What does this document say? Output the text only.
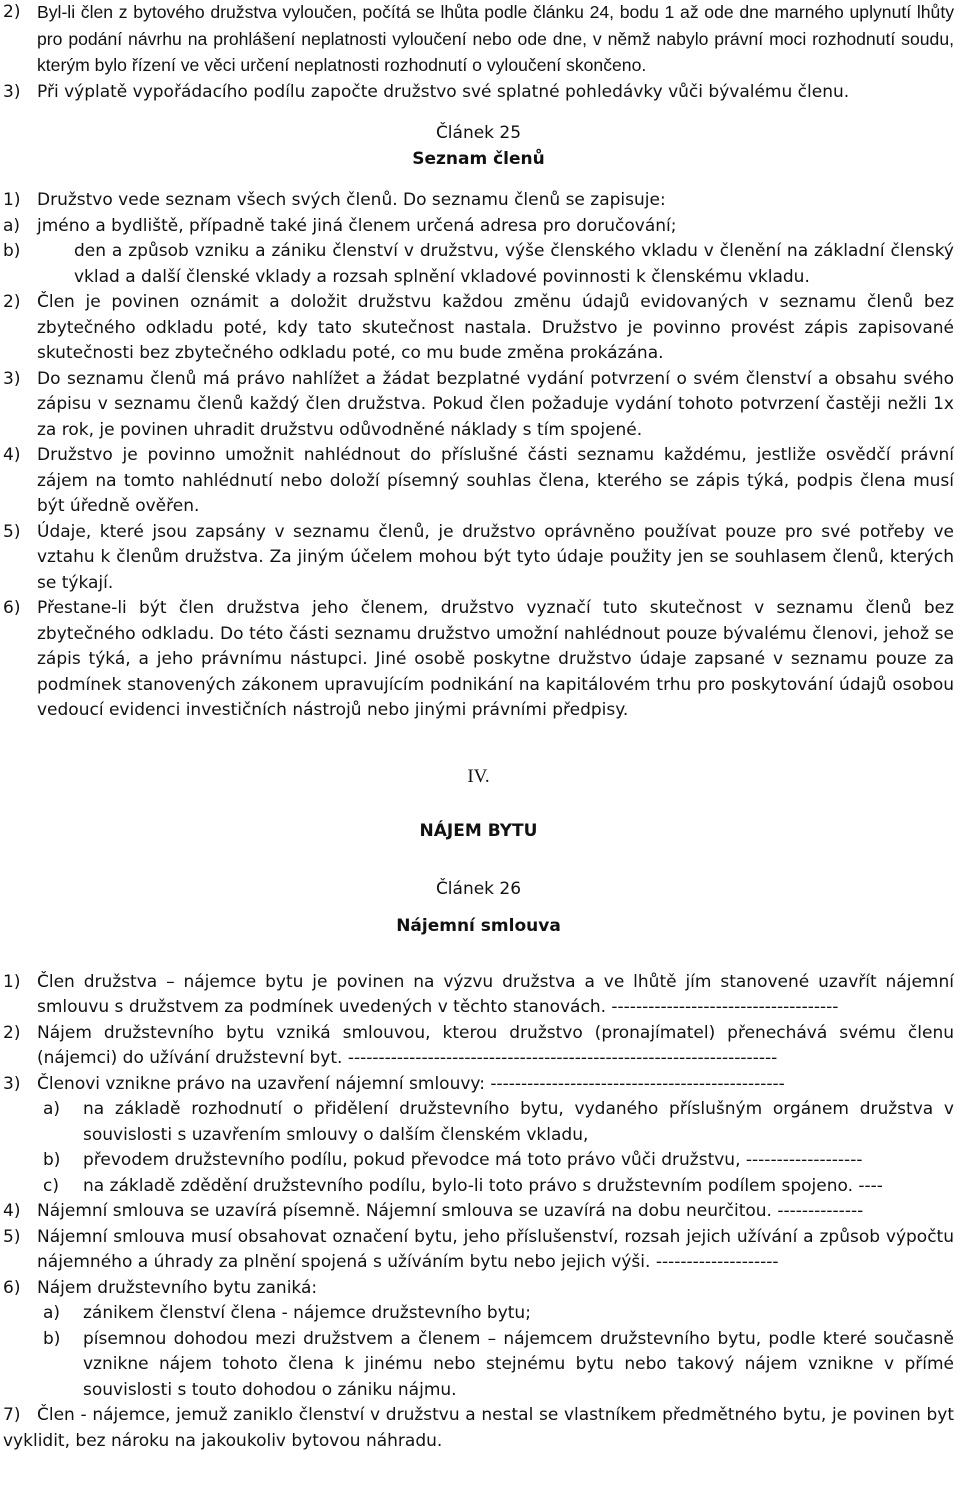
2) Byl-li člen z bytového družstva vyloučen, počítá se lhůta podle článku 24, bodu 1 až ode dne marného uplynutí lhůty pro podání návrhu na prohlášení neplatnosti vyloučení nebo ode dne, v němž nabylo právní moci rozhodnutí soudu, kterým bylo řízení ve věci určení neplatnosti rozhodnutí o vyloučení skončeno.
3) Při výplatě vypořádacího podílu započte družstvo své splatné pohledávky vůči bývalému členu.
Článek 25
Seznam členů
1) Družstvo vede seznam všech svých členů. Do seznamu členů se zapisuje:
a) jméno a bydliště, případně také jiná členem určená adresa pro doručování;
b)	den a způsob vzniku a zániku členství v družstvu, výše členského vkladu v členění na základní členský vklad a další členské vklady a rozsah splnění vkladové povinnosti k členskému vkladu.
2) Člen je povinen oznámit a doložit družstvu každou změnu údajů evidovaných v seznamu členů bez zbytečného odkladu poté, kdy tato skutečnost nastala. Družstvo je povinno provést zápis zapisované skutečnosti bez zbytečného odkladu poté, co mu bude změna prokázána.
3) Do seznamu členů má právo nahlížet a žádat bezplatné vydání potvrzení o svém členství a obsahu svého zápisu v seznamu členů každý člen družstva. Pokud člen požaduje vydání tohoto potvrzení častěji nežli 1x za rok, je povinen uhradit družstvu odůvodněné náklady s tím spojené.
4) Družstvo je povinno umožnit nahlédnout do příslušné části seznamu každému, jestliže osvědčí právní zájem na tomto nahlédnutí nebo doloží písemný souhlas člena, kterého se zápis týká, podpis člena musí být úředně ověřen.
5) Údaje, které jsou zapsány v seznamu členů, je družstvo oprávněno používat pouze pro své potřeby ve vztahu k členům družstva. Za jiným účelem mohou být tyto údaje použity jen se souhlasem členů, kterých se týkají.
6) Přestane-li být člen družstva jeho členem, družstvo vyznačí tuto skutečnost v seznamu členů bez zbytečného odkladu. Do této části seznamu družstvo umožní nahlédnout pouze bývalému členovi, jehož se zápis týká, a jeho právnímu nástupci. Jiné osobě poskytne družstvo údaje zapsané v seznamu pouze za podmínek stanovených zákonem upravujícím podnikání na kapitálovém trhu pro poskytování údajů osobou vedoucí evidenci investičních nástrojů nebo jinými právními předpisy.
IV.
NÁJEM BYTU
Článek 26
Nájemní smlouva
1) Člen družstva – nájemce bytu je povinen na výzvu družstva a ve lhůtě jím stanovené uzavřít nájemní smlouvu s družstvem za podmínek uvedených v těchto stanovách. -------------------------------------
2) Nájem družstevního bytu vzniká smlouvou, kterou družstvo (pronajímatel) přenechává svému členu (nájemci) do užívání družstevní byt. ----------------------------------------------------------------------
3) Členovi vznikne právo na uzavření nájemní smlouvy: ------------------------------------------------
a) na základě rozhodnutí o přidělení družstevního bytu, vydaného příslušným orgánem družstva v souvislosti s uzavřením smlouvy o dalším členském vkladu,
b) převodem družstevního podílu, pokud převodce má toto právo vůči družstvu, -------------------
c) na základě zdědění družstevního podílu, bylo-li toto právo s družstevním podílem spojeno. ----
4) Nájemní smlouva se uzavírá písemně. Nájemní smlouva se uzavírá na dobu neurčitou. --------------
5) Nájemní smlouva musí obsahovat označení bytu, jeho příslušenství, rozsah jejich užívání a způsob výpočtu nájemného a úhrady za plnění spojená s užíváním bytu nebo jejich výši. --------------------
6) Nájem družstevního bytu zaniká:
a) zánikem členství člena - nájemce družstevního bytu;
b) písemnou dohodou mezi družstvem a členem – nájemcem družstevního bytu, podle které současně vznikne nájem tohoto člena k jinému nebo stejnému bytu nebo takový nájem vznikne v přímé souvislosti s touto dohodou o zániku nájmu.
7) Člen - nájemce, jemuž zaniklo členství v družstvu a nestal se vlastníkem předmětného bytu, je povinen byt vyklidit, bez nároku na jakoukoliv bytovou náhradu.
